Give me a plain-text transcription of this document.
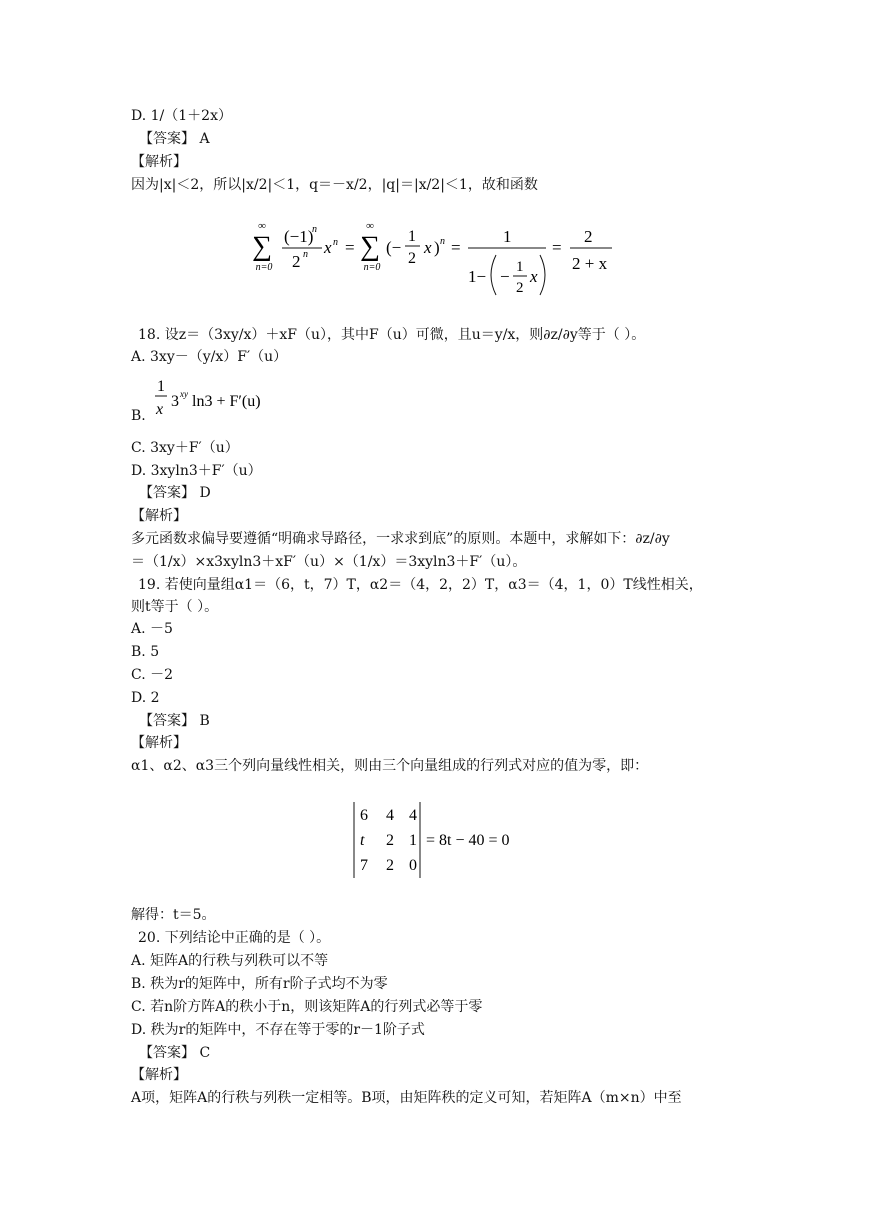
D. 1/（1＋2x）
【答案】 A
【解析】
因为|x|＜2，所以|x/2|＜1，q＝－x/2，|q|＝|x/2|＜1，故和函数
∞
∑
n=0
(−1)
n
2 n x n =
∞
∑
n=0
(−
1
2
x ) n =
1
1− − 1
2
x
=
2
2 + x
18. 设z＝（3xy/x）＋xF（u），其中F（u）可微，且u＝y/x，则∂z/∂y等于（ ）。
A. 3xy－（y/x）F′（u）
1
x 3 xy ln3 + F′(u)
B.
C. 3xy＋F′（u）
D. 3xyln3＋F′（u）
【答案】 D
【解析】
多元函数求偏导要遵循“明确求导路径，一求求到底”的原则。本题中，求解如下：∂z/∂y
＝（1/x）×x3xyln3＋xF′（u）×（1/x）＝3xyln3＋F′（u）。
19. 若使向量组α1＝（6，t，7）T，α2＝（4，2，2）T，α3＝（4，1，0）T线性相关，
则t等于（ ）。
A. －5
B. 5
C. －2
D. 2
【答案】 B
【解析】
α1、α2、α3三个列向量线性相关，则由三个向量组成的行列式对应的值为零，即：
6 4 4
t 2 1
7 2 0
= 8t − 40 = 0
解得：t＝5。
20. 下列结论中正确的是（ ）。
A. 矩阵A的行秩与列秩可以不等
B. 秩为r的矩阵中，所有r阶子式均不为零
C. 若n阶方阵A的秩小于n，则该矩阵A的行列式必等于零
D. 秩为r的矩阵中，不存在等于零的r－1阶子式
【答案】 C
【解析】
A项，矩阵A的行秩与列秩一定相等。B项，由矩阵秩的定义可知，若矩阵A（m×n）中至
